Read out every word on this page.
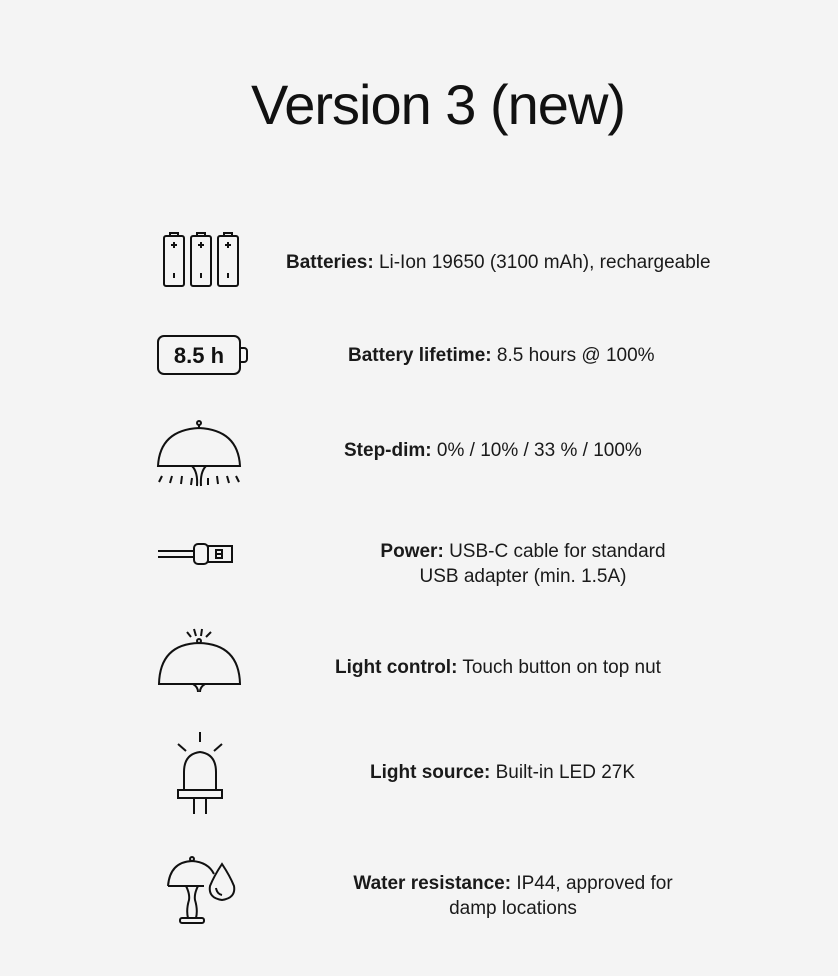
Version 3 (new)
Batteries: Li-Ion 19650 (3100 mAh), rechargeable
8.5 h	Battery lifetime: 8.5 hours @ 100%
Step-dim: 0% / 10% / 33 % / 100%
Power: USB-C cable for standard
USB adapter (min. 1.5A)
Light control: Touch button on top nut
Light source: Built-in LED 27K
Water resistance: IP44, approved for
damp locations
